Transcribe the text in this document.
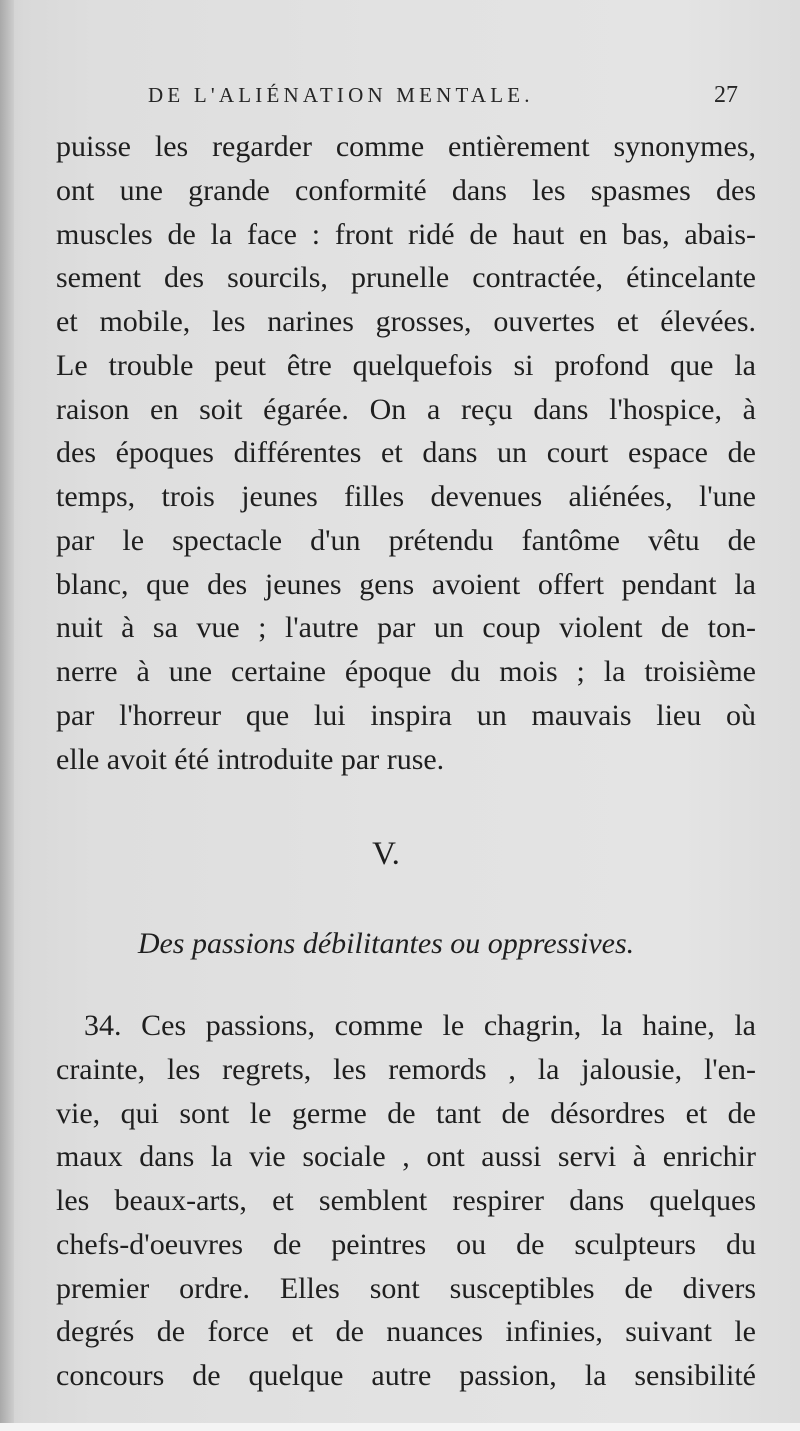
DE L'ALIÉNATION MENTALE.	27
puisse les regarder comme entièrement synonymes,
ont une grande conformité dans les spasmes des
muscles de la face : front ridé de haut en bas, abais-
sement des sourcils, prunelle contractée, étincelante
et mobile, les narines grosses, ouvertes et élevées.
Le trouble peut être quelquefois si profond que la
raison en soit égarée. On a reçu dans l'hospice, à
des époques différentes et dans un court espace de
temps, trois jeunes filles devenues aliénées, l'une
par le spectacle d'un prétendu fantôme vêtu de
blanc, que des jeunes gens avoient offert pendant la
nuit à sa vue ; l'autre par un coup violent de ton-
nerre à une certaine époque du mois ; la troisième
par l'horreur que lui inspira un mauvais lieu où
elle avoit été introduite par ruse.
V.
Des passions débilitantes ou oppressives.
34. Ces passions, comme le chagrin, la haine, la
crainte, les regrets, les remords , la jalousie, l'en-
vie, qui sont le germe de tant de désordres et de
maux dans la vie sociale , ont aussi servi à enrichir
les beaux-arts, et semblent respirer dans quelques
chefs-d'oeuvres de peintres ou de sculpteurs du
premier ordre. Elles sont susceptibles de divers
degrés de force et de nuances infinies, suivant le
concours de quelque autre passion, la sensibilité
